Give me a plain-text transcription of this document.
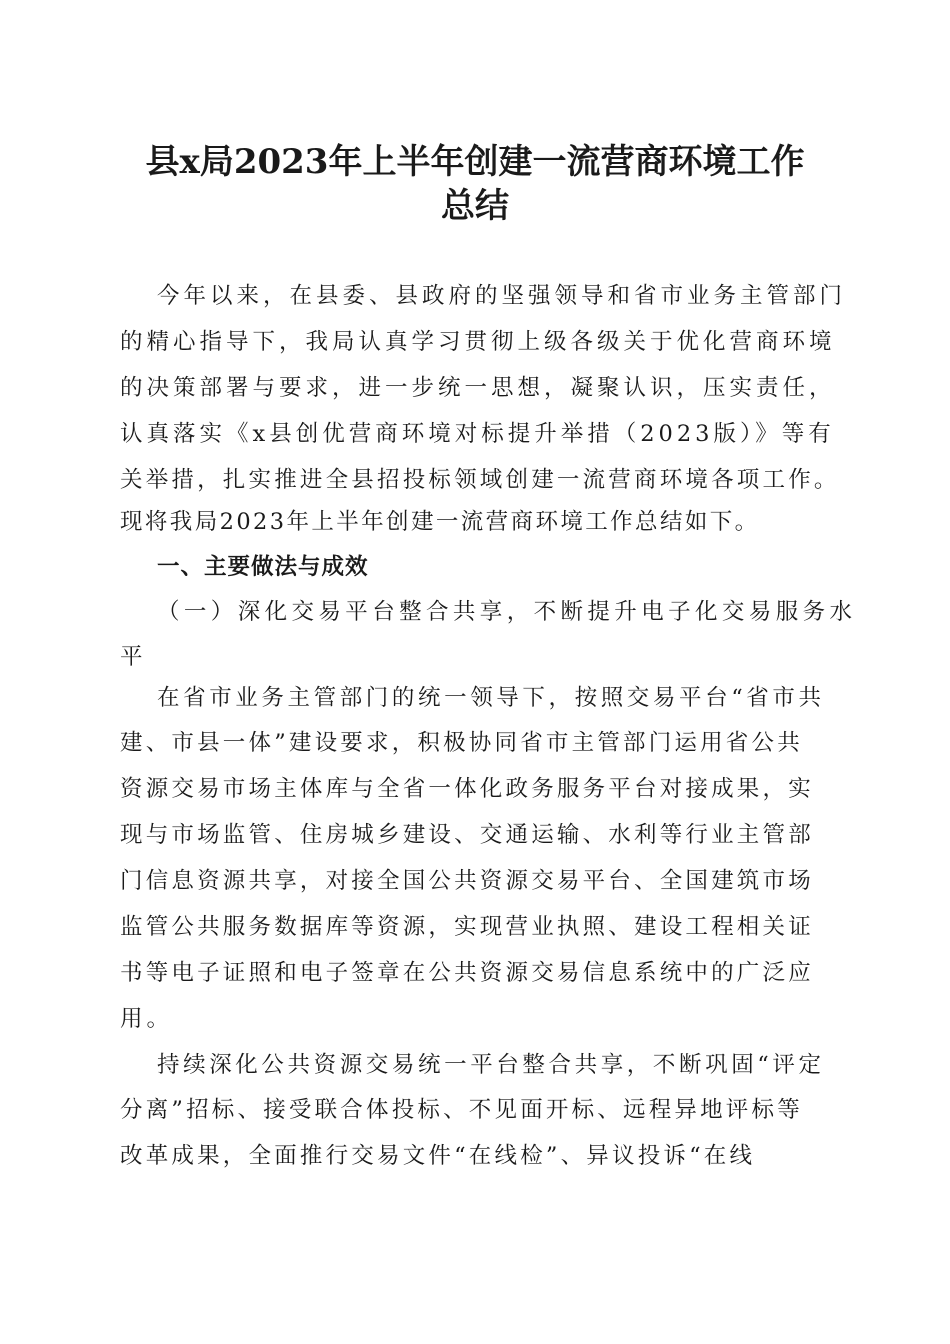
县x局2023年上半年创建一流营商环境工作
总结
今年以来，在县委、县政府的坚强领导和省市业务主管部门
的精心指导下，我局认真学习贯彻上级各级关于优化营商环境
的决策部署与要求，进一步统一思想，凝聚认识，压实责任，
认真落实《x县创优营商环境对标提升举措（2023版）》等有
关举措，扎实推进全县招投标领域创建一流营商环境各项工作。
现将我局2023年上半年创建一流营商环境工作总结如下。
一、主要做法与成效
（一）深化交易平台整合共享，不断提升电子化交易服务水
平
在省市业务主管部门的统一领导下，按照交易平台“省市共
建、市县一体”建设要求，积极协同省市主管部门运用省公共
资源交易市场主体库与全省一体化政务服务平台对接成果，实
现与市场监管、住房城乡建设、交通运输、水利等行业主管部
门信息资源共享，对接全国公共资源交易平台、全国建筑市场
监管公共服务数据库等资源，实现营业执照、建设工程相关证
书等电子证照和电子签章在公共资源交易信息系统中的广泛应
用。
持续深化公共资源交易统一平台整合共享，不断巩固“评定
分离”招标、接受联合体投标、不见面开标、远程异地评标等
改革成果，全面推行交易文件“在线检”、异议投诉“在线
